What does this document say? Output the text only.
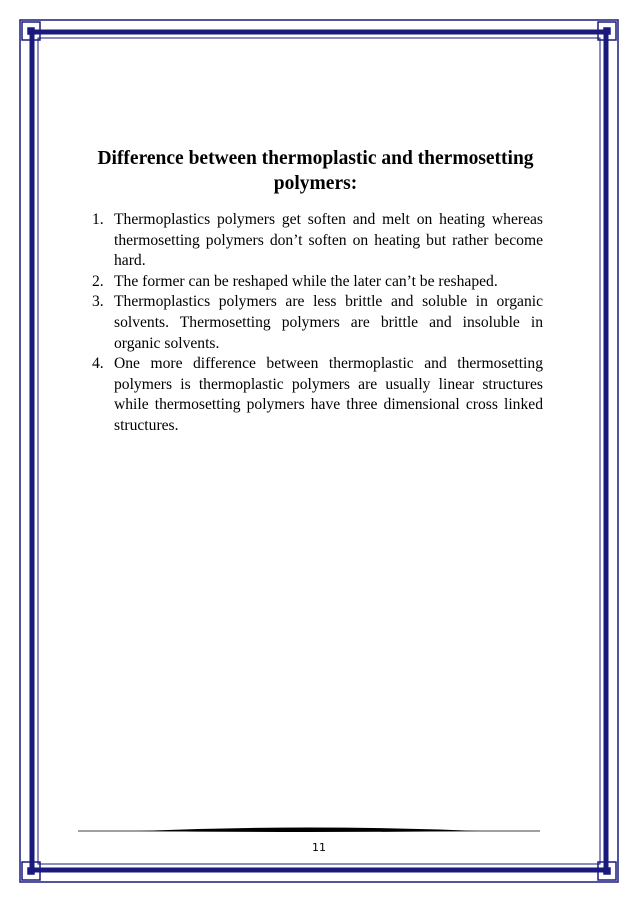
Difference between thermoplastic and thermosetting polymers:
1. Thermoplastics polymers get soften and melt on heating whereas thermosetting polymers don’t soften on heating but rather become hard.
2. The former can be reshaped while the later can’t be reshaped.
3. Thermoplastics polymers are less brittle and soluble in organic solvents. Thermosetting polymers are brittle and insoluble in organic solvents.
4. One more difference between thermoplastic and thermosetting polymers is thermoplastic polymers are usually linear structures while thermosetting polymers have three dimensional cross linked structures.
11
